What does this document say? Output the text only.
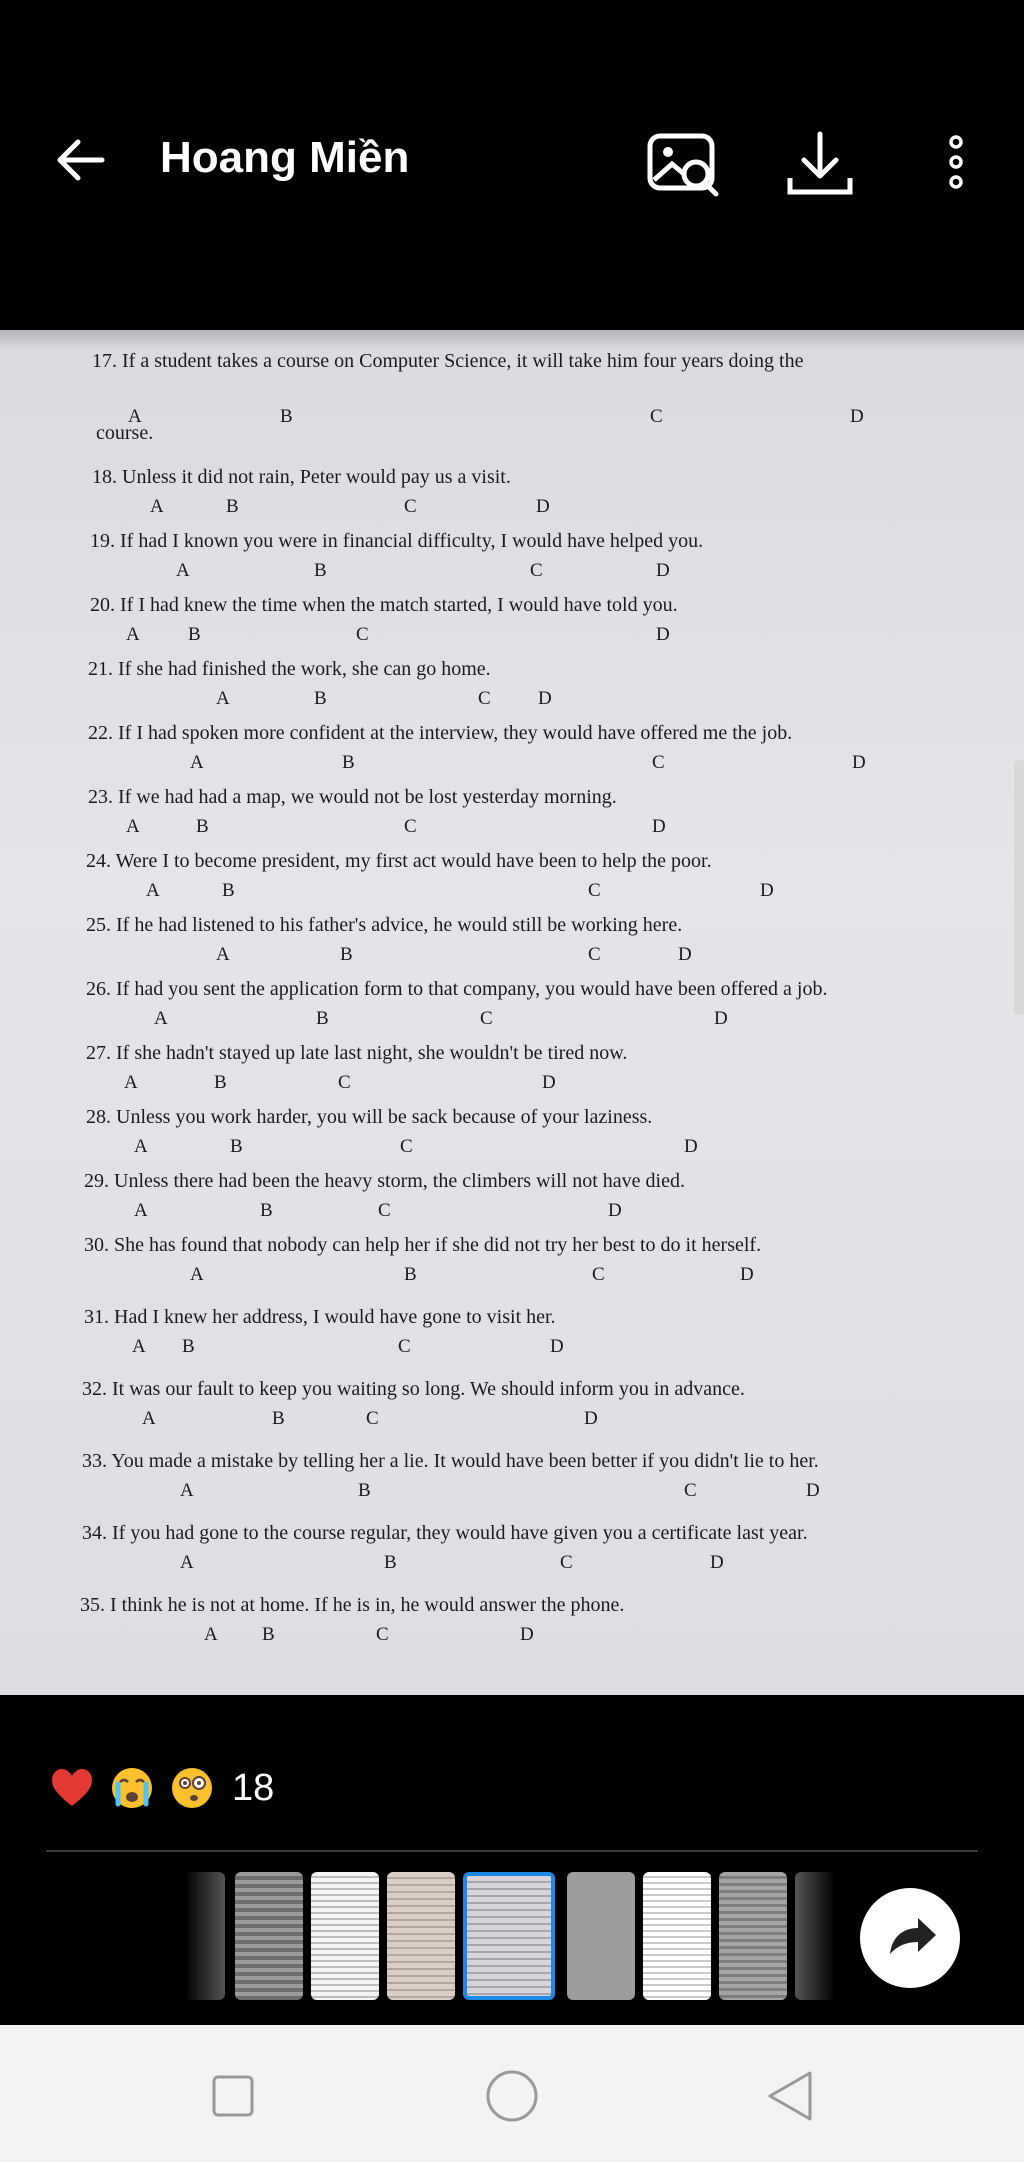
Hoang Miền
17. If a student takes a course on Computer Science, it will take him four years doing the
course.
A	B	C	D
18. Unless it did not rain, Peter would pay us a visit.
A	B	C	D
19. If had I known you were in financial difficulty, I would have helped you.
A	B	C	D
20. If I had knew the time when the match started, I would have told you.
A	B	C	D
21. If she had finished the work, she can go home.
A	B	C D
22. If I had spoken more confident at the interview, they would have offered me the job.
A	B	C	D
23. If we had had a map, we would not be lost yesterday morning.
A	B	C	D
24. Were I to become president, my first act would have been to help the poor.
A	B	C	D
25. If he had listened to his father's advice, he would still be working here.
A	B	C	D
26. If had you sent the application form to that company, you would have been offered a job.
A	B	C	D
27. If she hadn't stayed up late last night, she wouldn't be tired now.
A	B	C	D
28. Unless you work harder, you will be sack because of your laziness.
A	B	C	D
29. Unless there had been the heavy storm, the climbers will not have died.
A	B	C	D
30. She has found that nobody can help her if she did not try her best to do it herself.
A	B	C	D
31. Had I knew her address, I would have gone to visit her.
A B	C	D
32. It was our fault to keep you waiting so long. We should inform you in advance.
A	B	C	D
33. You made a mistake by telling her a lie. It would have been better if you didn't lie to her.
A	B	C	D
34. If you had gone to the course regular, they would have given you a certificate last year.
A	B	C	D
35. I think he is not at home. If he is in, he would answer the phone.
A B	C	D
18
